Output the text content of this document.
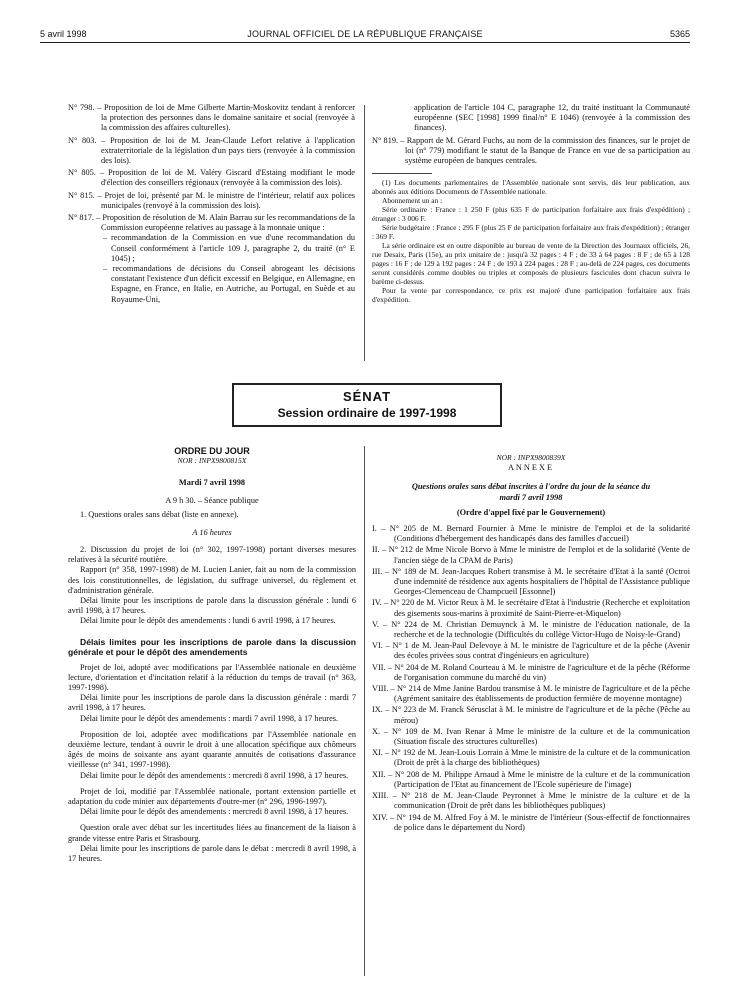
5 avril 1998	JOURNAL OFFICIEL DE LA RÉPUBLIQUE FRANÇAISE	5365

N° 798. – Proposition de loi de Mme Gilberte Martin-Moskovitz tendant à renforcer la protection des personnes dans le domaine sanitaire et social (renvoyée à la commission des affaires culturelles).

N° 803. – Proposition de loi de M. Jean-Claude Lefort relative à l'application extraterritoriale de la législation d'un pays tiers (renvoyée à la commission des lois).

N° 805. – Proposition de loi de M. Valéry Giscard d'Estaing modifiant le mode d'élection des conseillers régionaux (renvoyée à la commission des lois).

N° 815. – Projet de loi, présenté par M. le ministre de l'intérieur, relatif aux polices municipales (renvoyé à la commission des lois).

N° 817. – Proposition de résolution de M. Alain Barrau sur les recommandations de la Commission européenne relatives au passage à la monnaie unique :

– recommandation de la Commission en vue d'une recommandation du Conseil conformément à l'article 109 J, paragraphe 2, du traité (n° E 1045) ;

– recommandations de décisions du Conseil abrogeant les décisions constatant l'existence d'un déficit excessif en Belgique, en Allemagne, en Espagne, en France, en Italie, en Autriche, au Portugal, en Suède et au Royaume-Uni,

application de l'article 104 C, paragraphe 12, du traité instituant la Communauté européenne (SEC [1998] 1999 final/n° E 1046) (renvoyée à la commission des finances).

N° 819. – Rapport de M. Gérard Fuchs, au nom de la commission des finances, sur le projet de loi (n° 779) modifiant le statut de la Banque de France en vue de sa participation au système européen de banques centrales.

(1) Les documents parlementaires de l'Assemblée nationale sont servis, dès leur publication, aux abonnés aux éditions Documents de l'Assemblée nationale.

Abonnement un an :

Série ordinaire : France : 1 250 F (plus 635 F de participation forfaitaire aux frais d'expédition) ; étranger : 3 006 F.

Série budgétaire : France : 295 F (plus 25 F de participation forfaitaire aux frais d'expédition) ; étranger : 369 F.

La série ordinaire est en outre disponible au bureau de vente de la Direction des Journaux officiels, 26, rue Desaix, Paris (15e), au prix unitaire de : jusqu'à 32 pages : 4 F ; de 33 à 64 pages : 8 F ; de 65 à 128 pages : 16 F ; de 129 à 192 pages : 24 F ; de 193 à 224 pages : 28 F ; au-delà de 224 pages, ces documents seront considérés comme doubles ou triples et composés de plusieurs fascicules dont chacun suivra le barème ci-dessus.

Pour la vente par correspondance, ce prix est majoré d'une participation forfaitaire aux frais d'expédition.

SÉNAT
Session ordinaire de 1997-1998

ORDRE DU JOUR

NOR : INPX9800815X

Mardi 7 avril 1998

A 9 h 30. – Séance publique

1. Questions orales sans débat (liste en annexe).

A 16 heures

2. Discussion du projet de loi (n° 302, 1997-1998) portant diverses mesures relatives à la sécurité routière.

Rapport (n° 358, 1997-1998) de M. Lucien Lanier, fait au nom de la commission des lois constitutionnelles, de législation, du suffrage universel, du règlement et d'administration générale.

Délai limite pour les inscriptions de parole dans la discussion générale : lundi 6 avril 1998, à 17 heures.

Délai limite pour le dépôt des amendements : lundi 6 avril 1998, à 17 heures.

Délais limites pour les inscriptions de parole dans la discussion générale et pour le dépôt des amendements

Projet de loi, adopté avec modifications par l'Assemblée nationale en deuxième lecture, d'orientation et d'incitation relatif à la réduction du temps de travail (n° 363, 1997-1998).

Délai limite pour les inscriptions de parole dans la discussion générale : mardi 7 avril 1998, à 17 heures.

Délai limite pour le dépôt des amendements : mardi 7 avril 1998, à 17 heures.

Proposition de loi, adoptée avec modifications par l'Assemblée nationale en deuxième lecture, tendant à ouvrir le droit à une allocation spécifique aux chômeurs âgés de moins de soixante ans ayant quarante annuités de cotisations d'assurance vieillesse (n° 341, 1997-1998).

Délai limite pour le dépôt des amendements : mercredi 8 avril 1998, à 17 heures.

Projet de loi, modifié par l'Assemblée nationale, portant extension partielle et adaptation du code minier aux départements d'outre-mer (n° 296, 1996-1997).

Délai limite pour le dépôt des amendements : mercredi 8 avril 1998, à 17 heures.

Question orale avec débat sur les incertitudes liées au financement de la liaison à grande vitesse entre Paris et Strasbourg.

Délai limite pour les inscriptions de parole dans le débat : mercredi 8 avril 1998, à 17 heures.

NOR : INPX9800839X

ANNEXE

Questions orales sans débat inscrites à l'ordre du jour de la séance du mardi 7 avril 1998

(Ordre d'appel fixé par le Gouvernement)

I. – N° 205 de M. Bernard Fournier à Mme le ministre de l'emploi et de la solidarité (Conditions d'hébergement des handicapés dans des familles d'accueil)

II. – N° 212 de Mme Nicole Borvo à Mme le ministre de l'emploi et de la solidarité (Vente de l'ancien siège de la CPAM de Paris)

III. – N° 189 de M. Jean-Jacques Robert transmise à M. le secrétaire d'Etat à la santé (Octroi d'une indemnité de résidence aux agents hospitaliers de l'hôpital de l'Assistance publique Georges-Clemenceau de Champcueil [Essonne])

IV. – N° 220 de M. Victor Reux à M. le secrétaire d'Etat à l'industrie (Recherche et exploitation des gisements sous-marins à proximité de Saint-Pierre-et-Miquelon)

V. – N° 224 de M. Christian Demuynck à M. le ministre de l'éducation nationale, de la recherche et de la technologie (Difficultés du collège Victor-Hugo de Noisy-le-Grand)

VI. – N° 1 de M. Jean-Paul Delevoye à M. le ministre de l'agriculture et de la pêche (Avenir des écoles privées sous contrat d'ingénieurs en agriculture)

VII. – N° 204 de M. Roland Courteau à M. le ministre de l'agriculture et de la pêche (Réforme de l'organisation commune du marché du vin)

VIII. – N° 214 de Mme Janine Bardou transmise à M. le ministre de l'agriculture et de la pêche (Agrément sanitaire des établissements de production fermière de moyenne montagne)

IX. – N° 223 de M. Franck Sérusclat à M. le ministre de l'agriculture et de la pêche (Pêche au mérou)

X. – N° 109 de M. Ivan Renar à Mme le ministre de la culture et de la communication (Situation fiscale des structures culturelles)

XI. – N° 192 de M. Jean-Louis Lorrain à Mme le ministre de la culture et de la communication (Droit de prêt à la charge des bibliothèques)

XII. – N° 208 de M. Philippe Arnaud à Mme le ministre de la culture et de la communication (Participation de l'Etat au financement de l'Ecole supérieure de l'image)

XIII. – N° 218 de M. Jean-Claude Peyronnet à Mme le ministre de la culture et de la communication (Droit de prêt dans les bibliothèques publiques)

XIV. – N° 194 de M. Alfred Foy à M. le ministre de l'intérieur (Sous-effectif de fonctionnaires de police dans le département du Nord)
